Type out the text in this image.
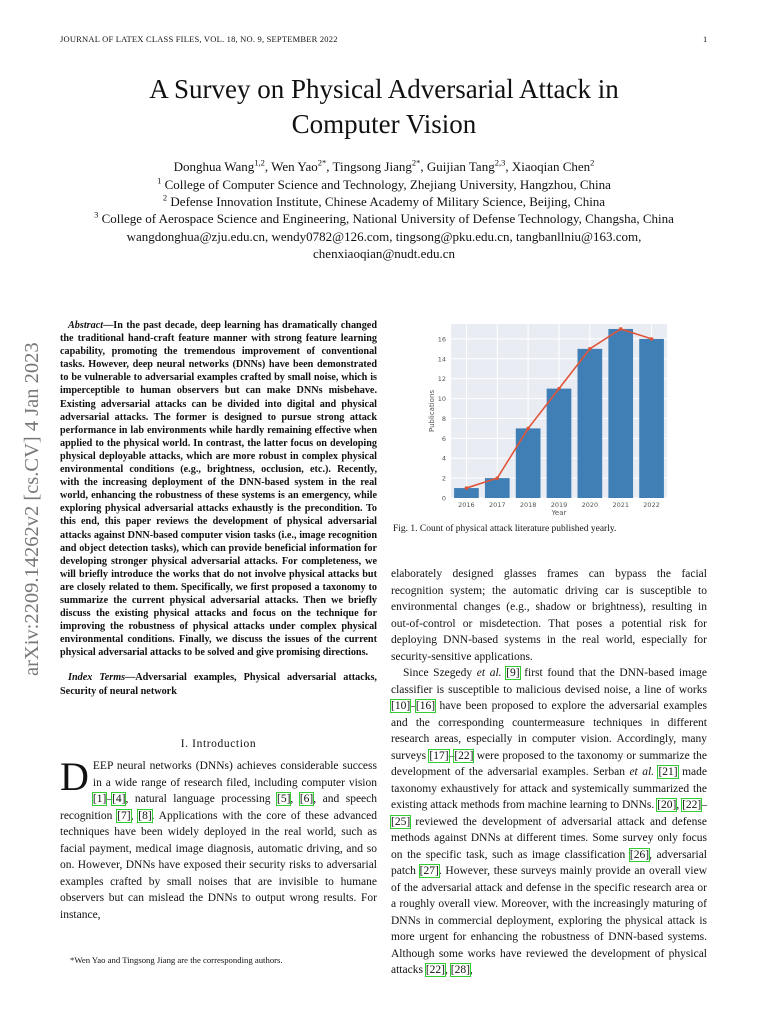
JOURNAL OF LATEX CLASS FILES, VOL. 18, NO. 9, SEPTEMBER 2022	1
A Survey on Physical Adversarial Attack in
Computer Vision
Donghua Wang$^{1,2}$, Wen Yao$^{2*}$, Tingsong Jiang$^{2*}$, Guijian Tang$^{2,3}$, Xiaoqian Chen$^2$
$^1$ College of Computer Science and Technology, Zhejiang University, Hangzhou, China
$^2$ Defense Innovation Institute, Chinese Academy of Military Science, Beijing, China
$^3$ College of Aerospace Science and Engineering, National University of Defense Technology, Changsha, China
wangdonghua@zju.edu.cn, wendy0782@126.com, tingsong@pku.edu.cn, tangbanllniu@163.com,
chenxiaoqian@nudt.edu.cn
arXiv:2209.14262v2 [cs.CV] 4 Jan 2023
Abstract—In the past decade, deep learning has dramatically changed the traditional hand-craft feature manner with strong feature learning capability, promoting the tremendous improvement of conventional tasks. However, deep neural networks (DNNs) have been demonstrated to be vulnerable to adversarial examples crafted by small noise, which is imperceptible to human observers but can make DNNs misbehave. Existing adversarial attacks can be divided into digital and physical adversarial attacks. The former is designed to pursue strong attack performance in lab environments while hardly remaining effective when applied to the physical world. In contrast, the latter focus on developing physical deployable attacks, which are more robust in complex physical environmental conditions (e.g., brightness, occlusion, etc.). Recently, with the increasing deployment of the DNN-based system in the real world, enhancing the robustness of these systems is an emergency, while exploring physical adversarial attacks exhaustly is the precondition. To this end, this paper reviews the development of physical adversarial attacks against DNN-based computer vision tasks (i.e., image recognition and object detection tasks), which can provide beneficial information for developing stronger physical adversarial attacks. For completeness, we will briefly introduce the works that do not involve physical attacks but are closely related to them. Specifically, we first proposed a taxonomy to summarize the current physical adversarial attacks. Then we briefly discuss the existing physical attacks and focus on the technique for improving the robustness of physical attacks under complex physical environmental conditions. Finally, we discuss the issues of the current physical adversarial attacks to be solved and give promising directions.
Index Terms—Adversarial examples, Physical adversarial attacks, Security of neural network
I. Introduction
DEEP neural networks (DNNs) achieves considerable success in a wide range of research filed, including computer vision [1]–[4], natural language processing [5], [6], and speech recognition [7], [8]. Applications with the core of these advanced techniques have been widely deployed in the real world, such as facial payment, medical image diagnosis, automatic driving, and so on. However, DNNs have exposed their security risks to adversarial examples crafted by small noises that are invisible to humane observers but can mislead the DNNs to output wrong results. For instance,
*Wen Yao and Tingsong Jiang are the corresponding authors.
0
2
4
6
8
10
12
14
16
2016 2017 2018 2019 2020 2021 2022
Year
Publications
Fig. 1. Count of physical attack literature published yearly.
elaborately designed glasses frames can bypass the facial recognition system; the automatic driving car is susceptible to environmental changes (e.g., shadow or brightness), resulting in out-of-control or misdetection. That poses a potential risk for deploying DNN-based systems in the real world, especially for security-sensitive applications.
Since Szegedy et al. [9] first found that the DNN-based image classifier is susceptible to malicious devised noise, a line of works [10]–[16] have been proposed to explore the adversarial examples and the corresponding countermeasure techniques in different research areas, especially in computer vision. Accordingly, many surveys [17]–[22] were proposed to the taxonomy or summarize the development of the adversarial examples. Serban et al. [21] made taxonomy exhaustively for attack and systemically summarized the existing attack methods from machine learning to DNNs. [20], [22]–[25] reviewed the development of adversarial attack and defense methods against DNNs at different times. Some survey only focus on the specific task, such as image classification [26], adversarial patch [27]. However, these surveys mainly provide an overall view of the adversarial attack and defense in the specific research area or a roughly overall view. Moreover, with the increasingly maturing of DNNs in commercial deployment, exploring the physical attack is more urgent for enhancing the robustness of DNN-based systems. Although some works have reviewed the development of physical attacks [22], [28],
